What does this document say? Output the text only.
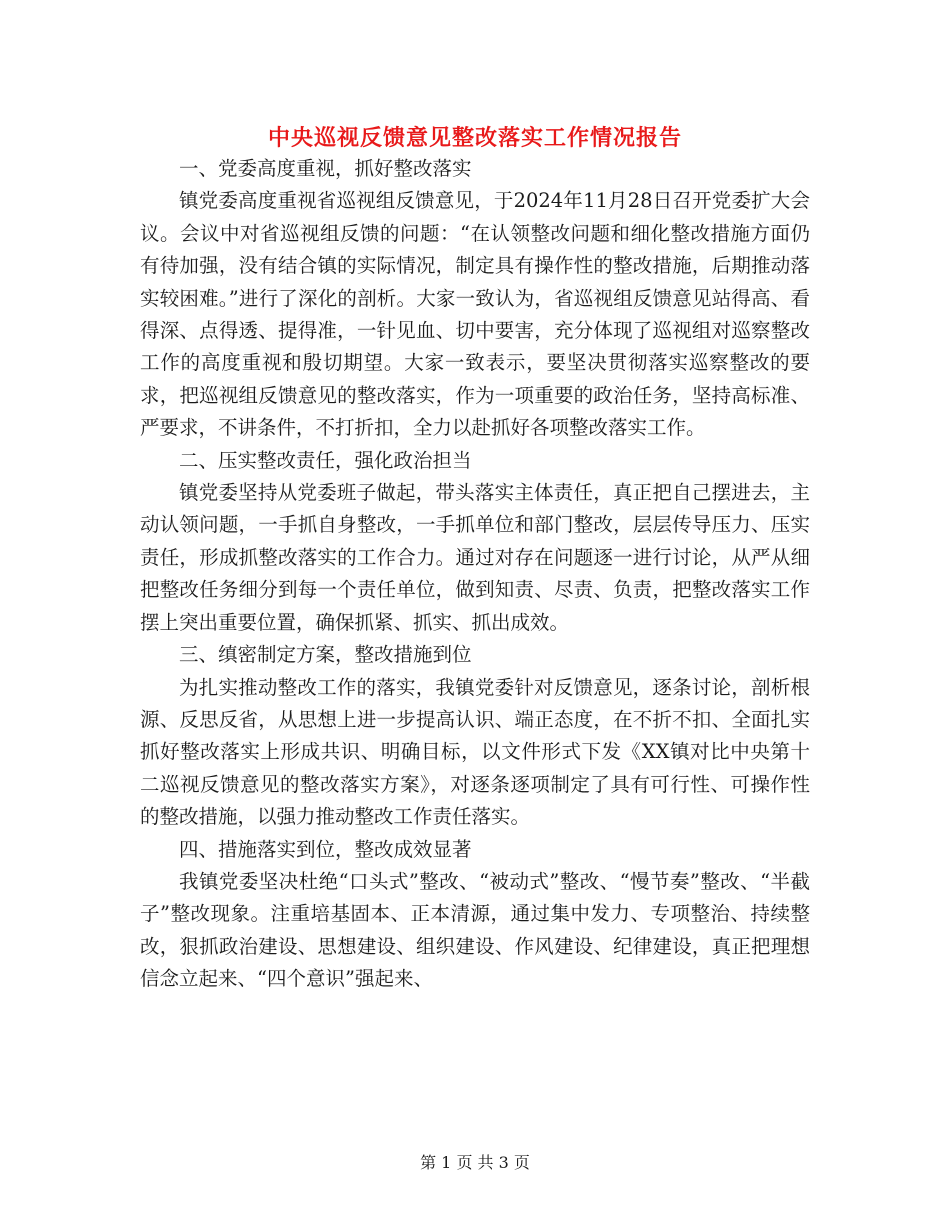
中央巡视反馈意见整改落实工作情况报告

一、党委高度重视，抓好整改落实

镇党委高度重视省巡视组反馈意见，于2024年11月28日召开党委扩大会议。会议中对省巡视组反馈的问题：“在认领整改问题和细化整改措施方面仍有待加强，没有结合镇的实际情况，制定具有操作性的整改措施，后期推动落实较困难。”进行了深化的剖析。大家一致认为，省巡视组反馈意见站得高、看得深、点得透、提得准，一针见血、切中要害，充分体现了巡视组对巡察整改工作的高度重视和殷切期望。大家一致表示，要坚决贯彻落实巡察整改的要求，把巡视组反馈意见的整改落实，作为一项重要的政治任务，坚持高标准、严要求，不讲条件，不打折扣，全力以赴抓好各项整改落实工作。

二、压实整改责任，强化政治担当

镇党委坚持从党委班子做起，带头落实主体责任，真正把自己摆进去，主动认领问题，一手抓自身整改，一手抓单位和部门整改，层层传导压力、压实责任，形成抓整改落实的工作合力。通过对存在问题逐一进行讨论，从严从细把整改任务细分到每一个责任单位，做到知责、尽责、负责，把整改落实工作摆上突出重要位置，确保抓紧、抓实、抓出成效。

三、缜密制定方案，整改措施到位

为扎实推动整改工作的落实，我镇党委针对反馈意见，逐条讨论，剖析根源、反思反省，从思想上进一步提高认识、端正态度，在不折不扣、全面扎实抓好整改落实上形成共识、明确目标，以文件形式下发《XX镇对比中央第十二巡视反馈意见的整改落实方案》，对逐条逐项制定了具有可行性、可操作性的整改措施，以强力推动整改工作责任落实。

四、措施落实到位，整改成效显著

我镇党委坚决杜绝“口头式”整改、“被动式”整改、“慢节奏”整改、“半截子”整改现象。注重培基固本、正本清源，通过集中发力、专项整治、持续整改，狠抓政治建设、思想建设、组织建设、作风建设、纪律建设，真正把理想信念立起来、“四个意识”强起来、

第 1 页 共 3 页
